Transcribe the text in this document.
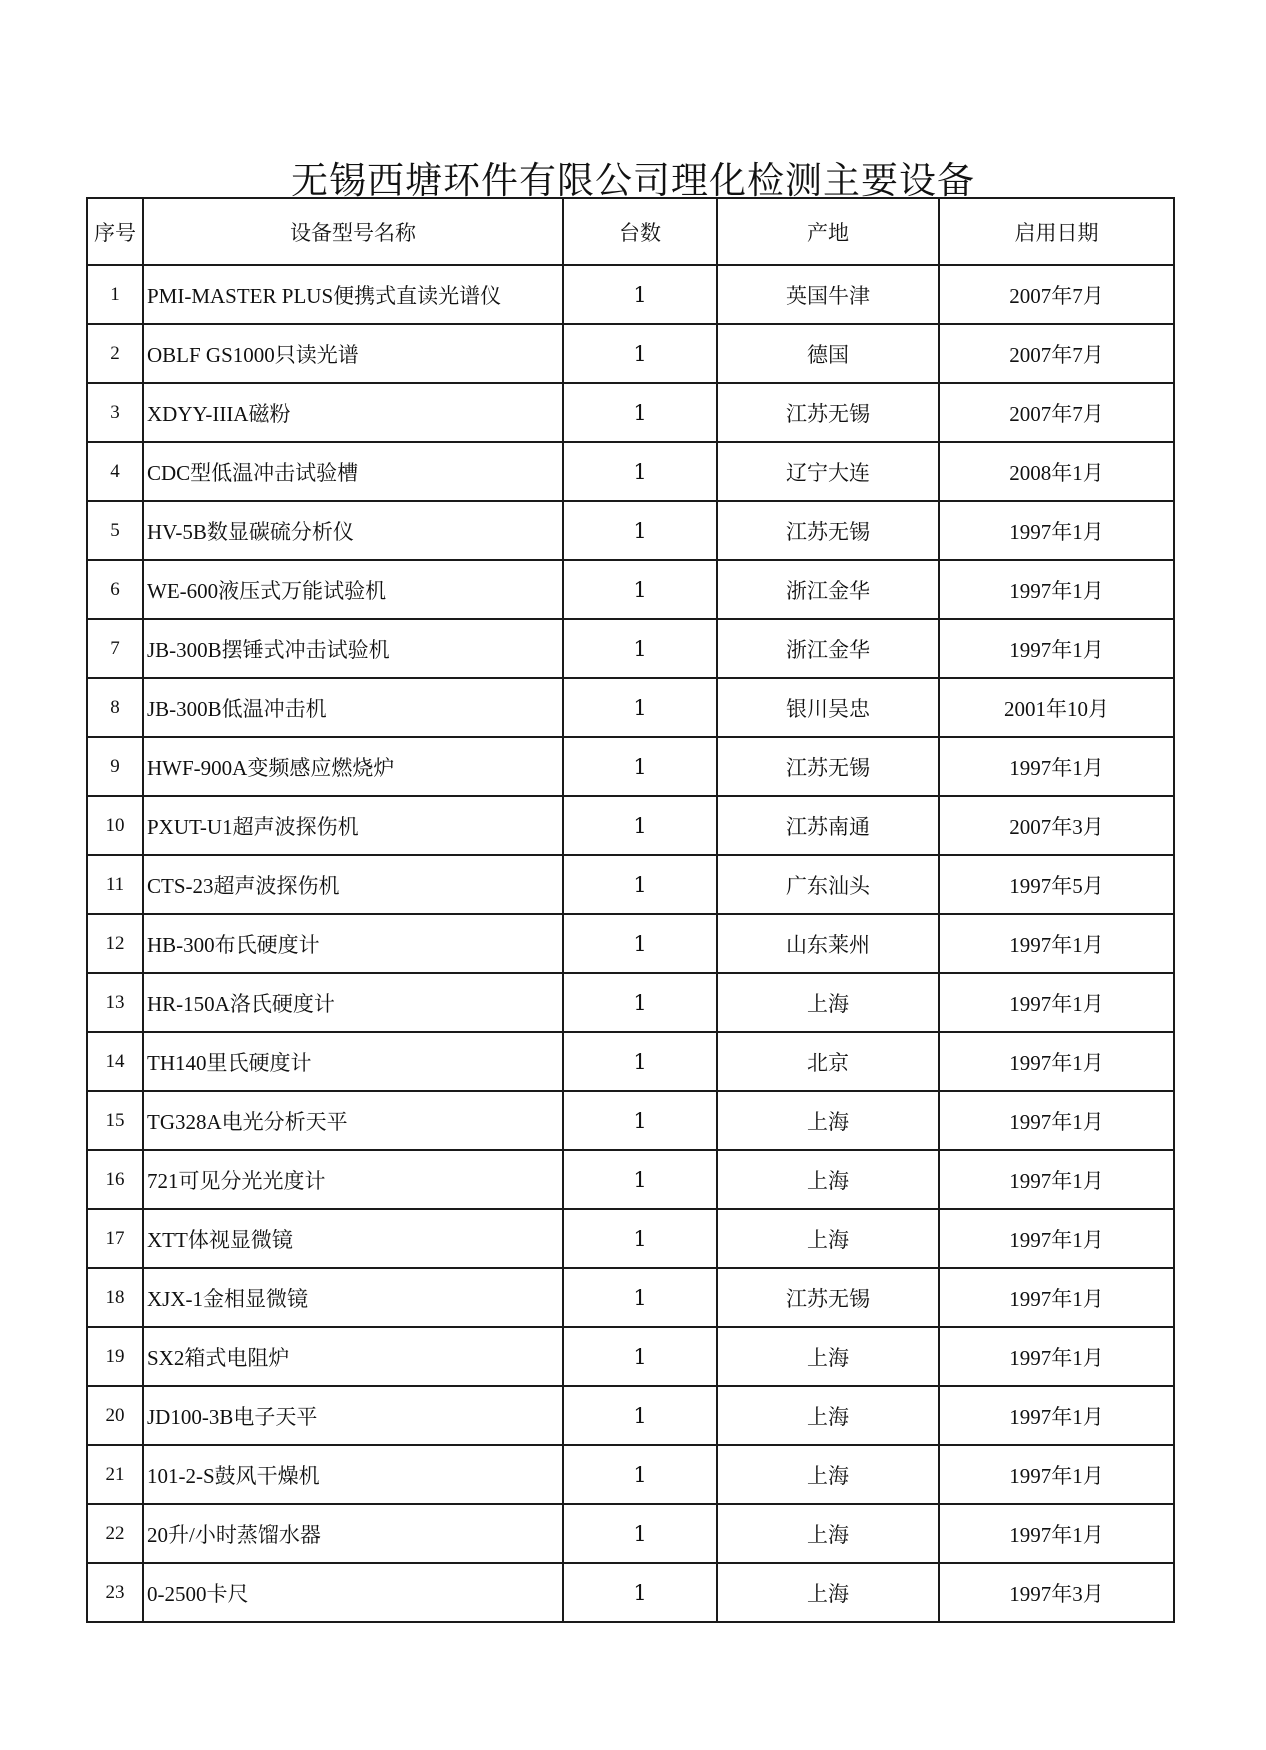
无锡西塘环件有限公司理化检测主要设备
序号	设备型号名称	台数	产地	启用日期
1	PMI-MASTER PLUS便携式直读光谱仪	1	英国牛津	2007年7月
2	OBLF GS1000只读光谱	1	德国	2007年7月
3	XDYY-IIIA磁粉	1	江苏无锡	2007年7月
4	CDC型低温冲击试验槽	1	辽宁大连	2008年1月
5	HV-5B数显碳硫分析仪	1	江苏无锡	1997年1月
6	WE-600液压式万能试验机	1	浙江金华	1997年1月
7	JB-300B摆锤式冲击试验机	1	浙江金华	1997年1月
8	JB-300B低温冲击机	1	银川吴忠	2001年10月
9	HWF-900A变频感应燃烧炉	1	江苏无锡	1997年1月
10	PXUT-U1超声波探伤机	1	江苏南通	2007年3月
11	CTS-23超声波探伤机	1	广东汕头	1997年5月
12	HB-300布氏硬度计	1	山东莱州	1997年1月
13	HR-150A洛氏硬度计	1	上海	1997年1月
14	TH140里氏硬度计	1	北京	1997年1月
15	TG328A电光分析天平	1	上海	1997年1月
16	721可见分光光度计	1	上海	1997年1月
17	XTT体视显微镜	1	上海	1997年1月
18	XJX-1金相显微镜	1	江苏无锡	1997年1月
19	SX2箱式电阻炉	1	上海	1997年1月
20	JD100-3B电子天平	1	上海	1997年1月
21	101-2-S鼓风干燥机	1	上海	1997年1月
22	20升/小时蒸馏水器	1	上海	1997年1月
23	0-2500卡尺	1	上海	1997年3月
